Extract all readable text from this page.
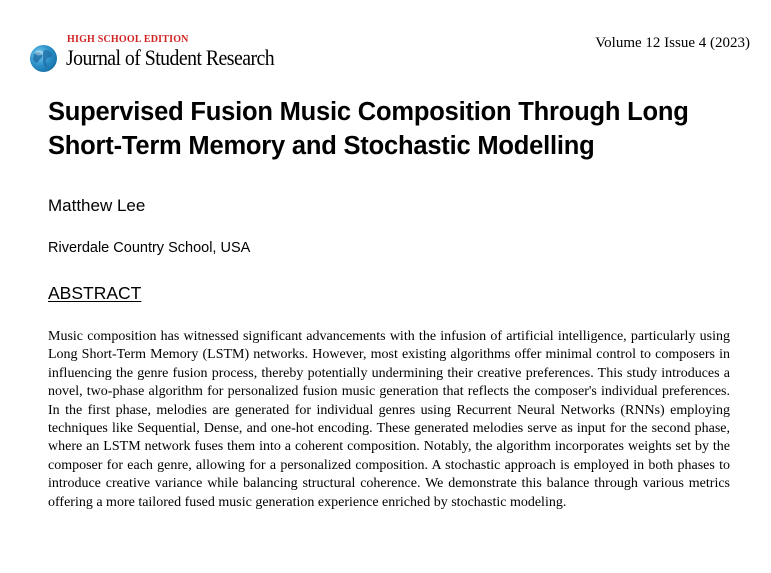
HIGH SCHOOL EDITION
Journal of Student Research
Volume 12 Issue 4 (2023)
Supervised Fusion Music Composition Through Long Short-Term Memory and Stochastic Modelling
Matthew Lee
Riverdale Country School, USA
ABSTRACT

Music composition has witnessed significant advancements with the infusion of artificial intelligence, particularly using Long Short-Term Memory (LSTM) networks. However, most existing algorithms offer minimal control to composers in influencing the genre fusion process, thereby potentially undermining their creative preferences. This study introduces a novel, two-phase algorithm for personalized fusion music generation that reflects the composer's individual preferences. In the first phase, melodies are generated for individual genres using Recurrent Neural Networks (RNNs) employing techniques like Sequential, Dense, and one-hot encoding. These generated melodies serve as input for the second phase, where an LSTM network fuses them into a coherent composition. Notably, the algorithm incorporates weights set by the composer for each genre, allowing for a personalized composition. A stochastic approach is employed in both phases to introduce creative variance while balancing structural coherence. We demonstrate this balance through various metrics offering a more tailored fused music generation experience enriched by stochastic modeling.
